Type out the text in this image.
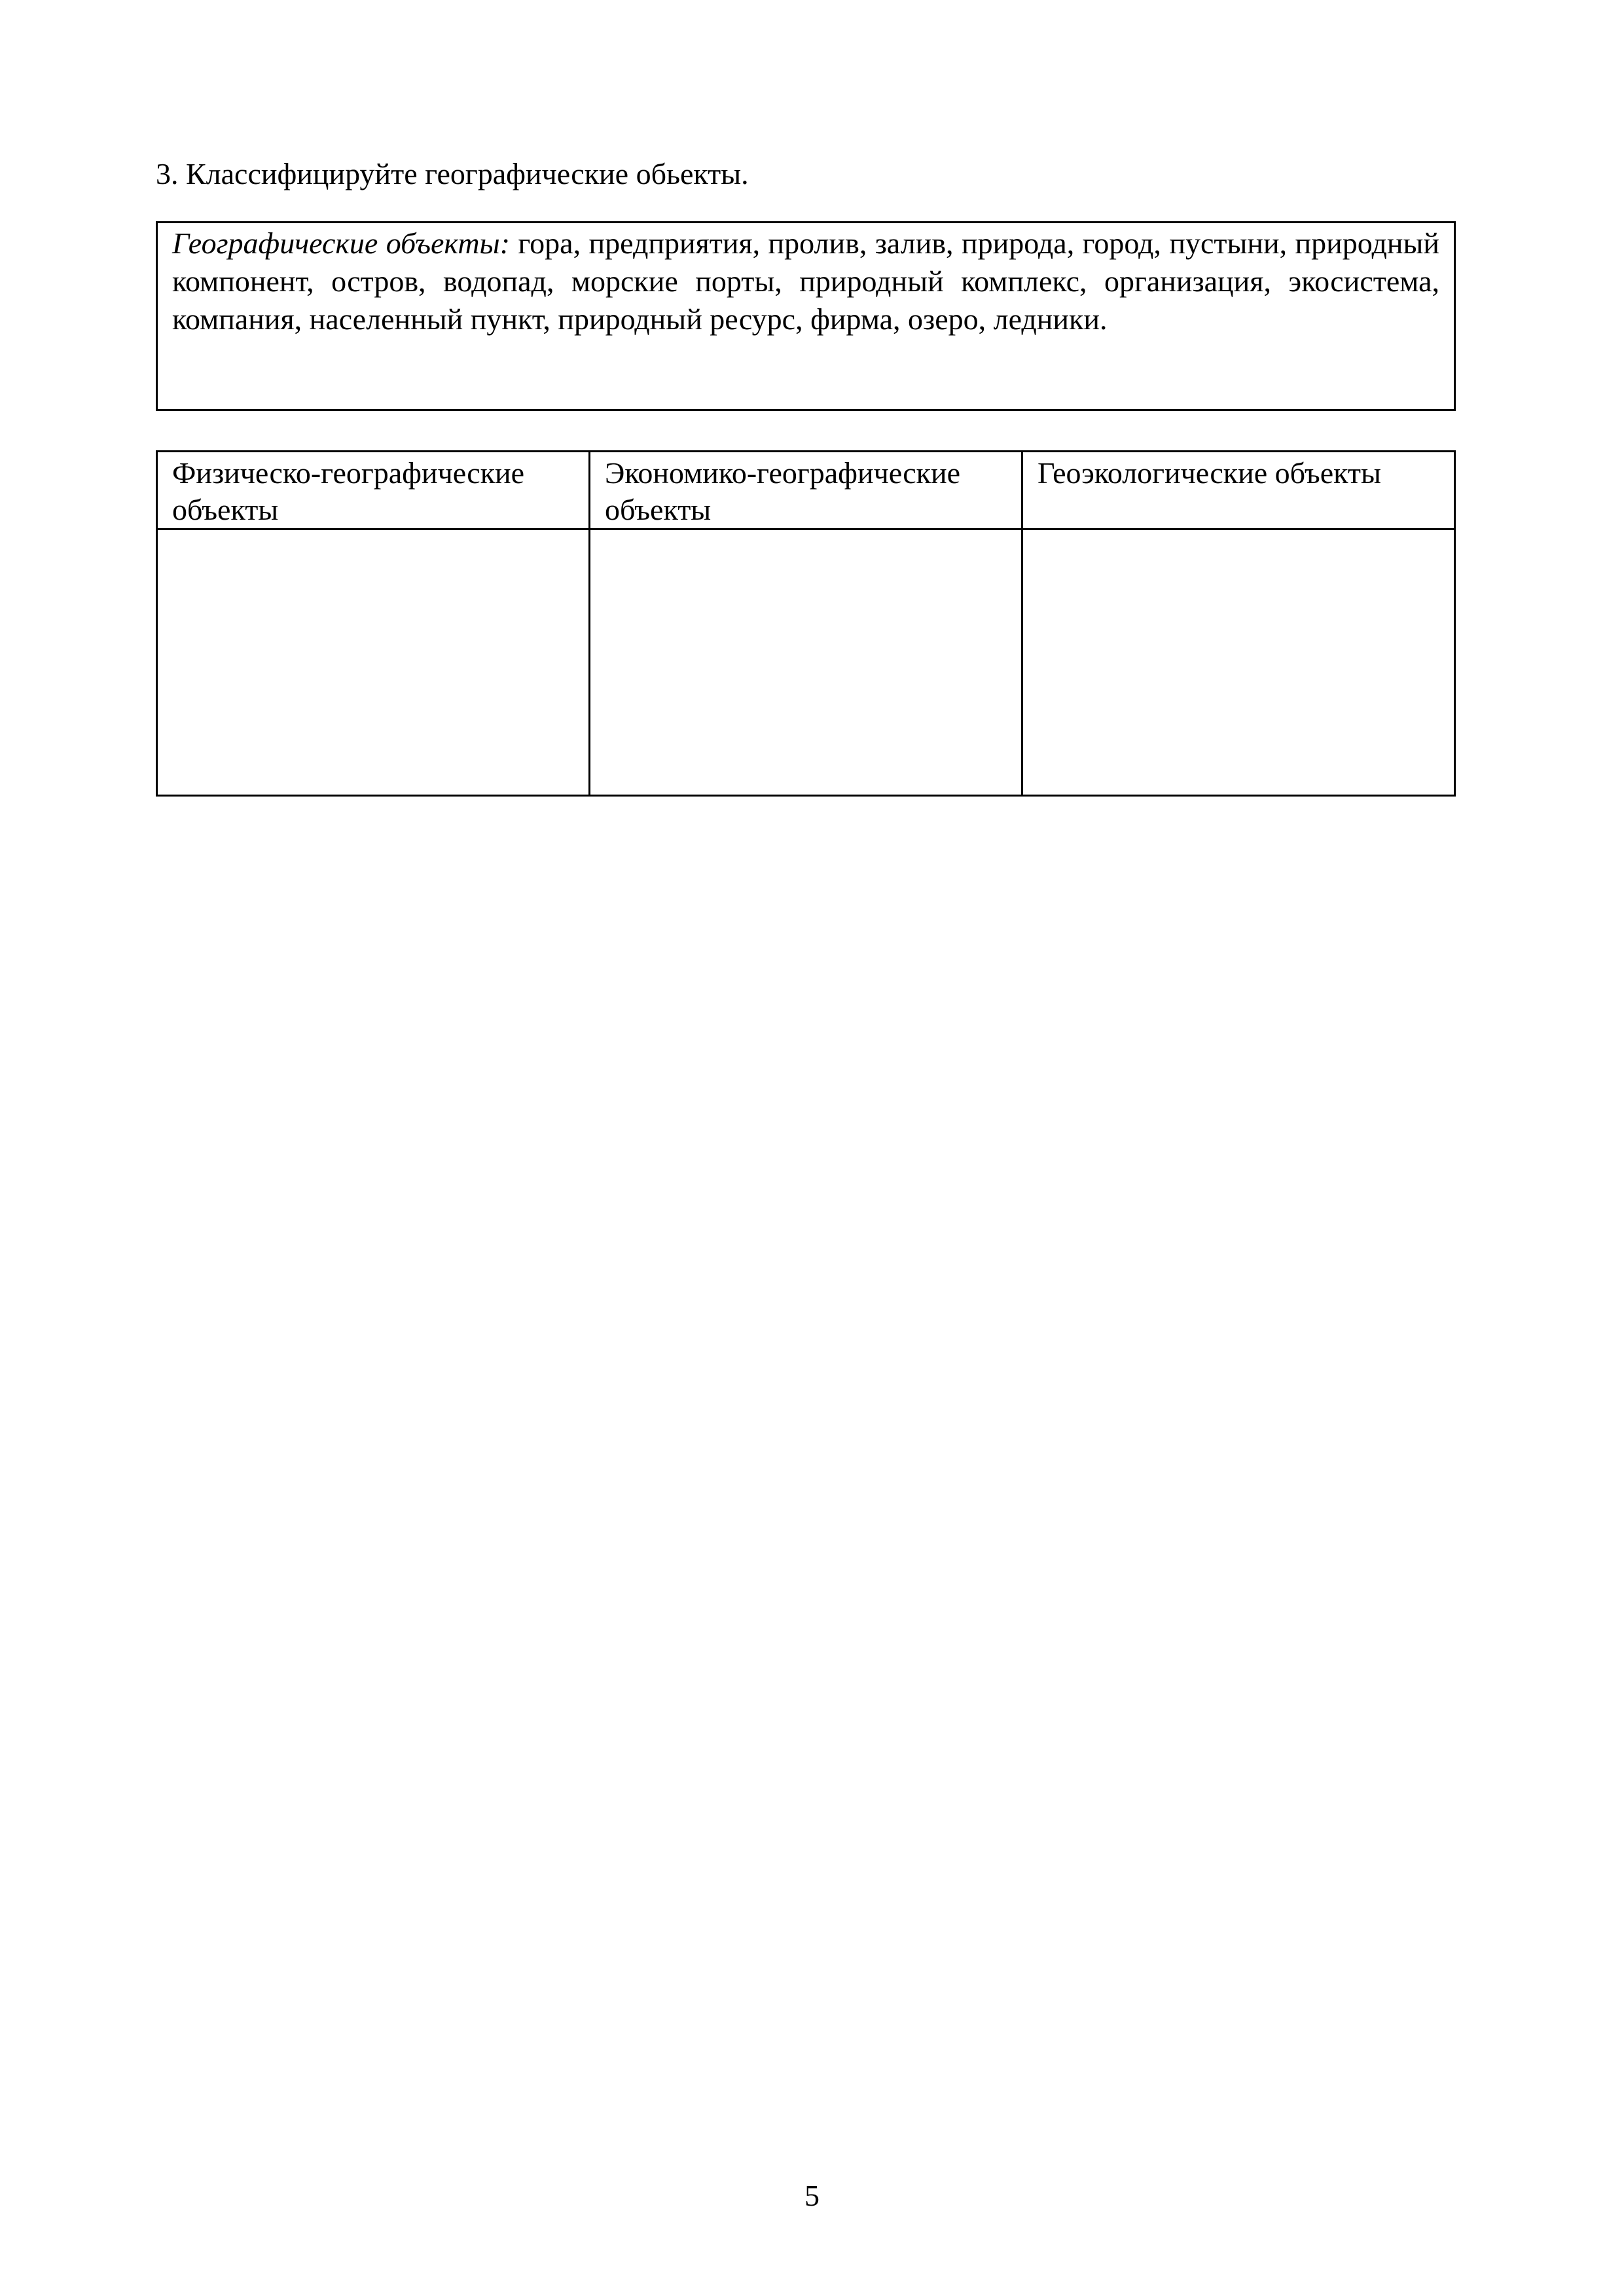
3. Классифицируйте географические обьекты.
Географические объекты: гора, предприятия, пролив, залив, природа, город, пустыни, природный компонент, остров, водопад, морские порты, природный комплекс, организация, экосистема, компания, населенный пункт, природный ресурс, фирма, озеро, ледники.
Физическо-географические объекты	Экономико-географические объекты	Геоэкологические объекты

5
